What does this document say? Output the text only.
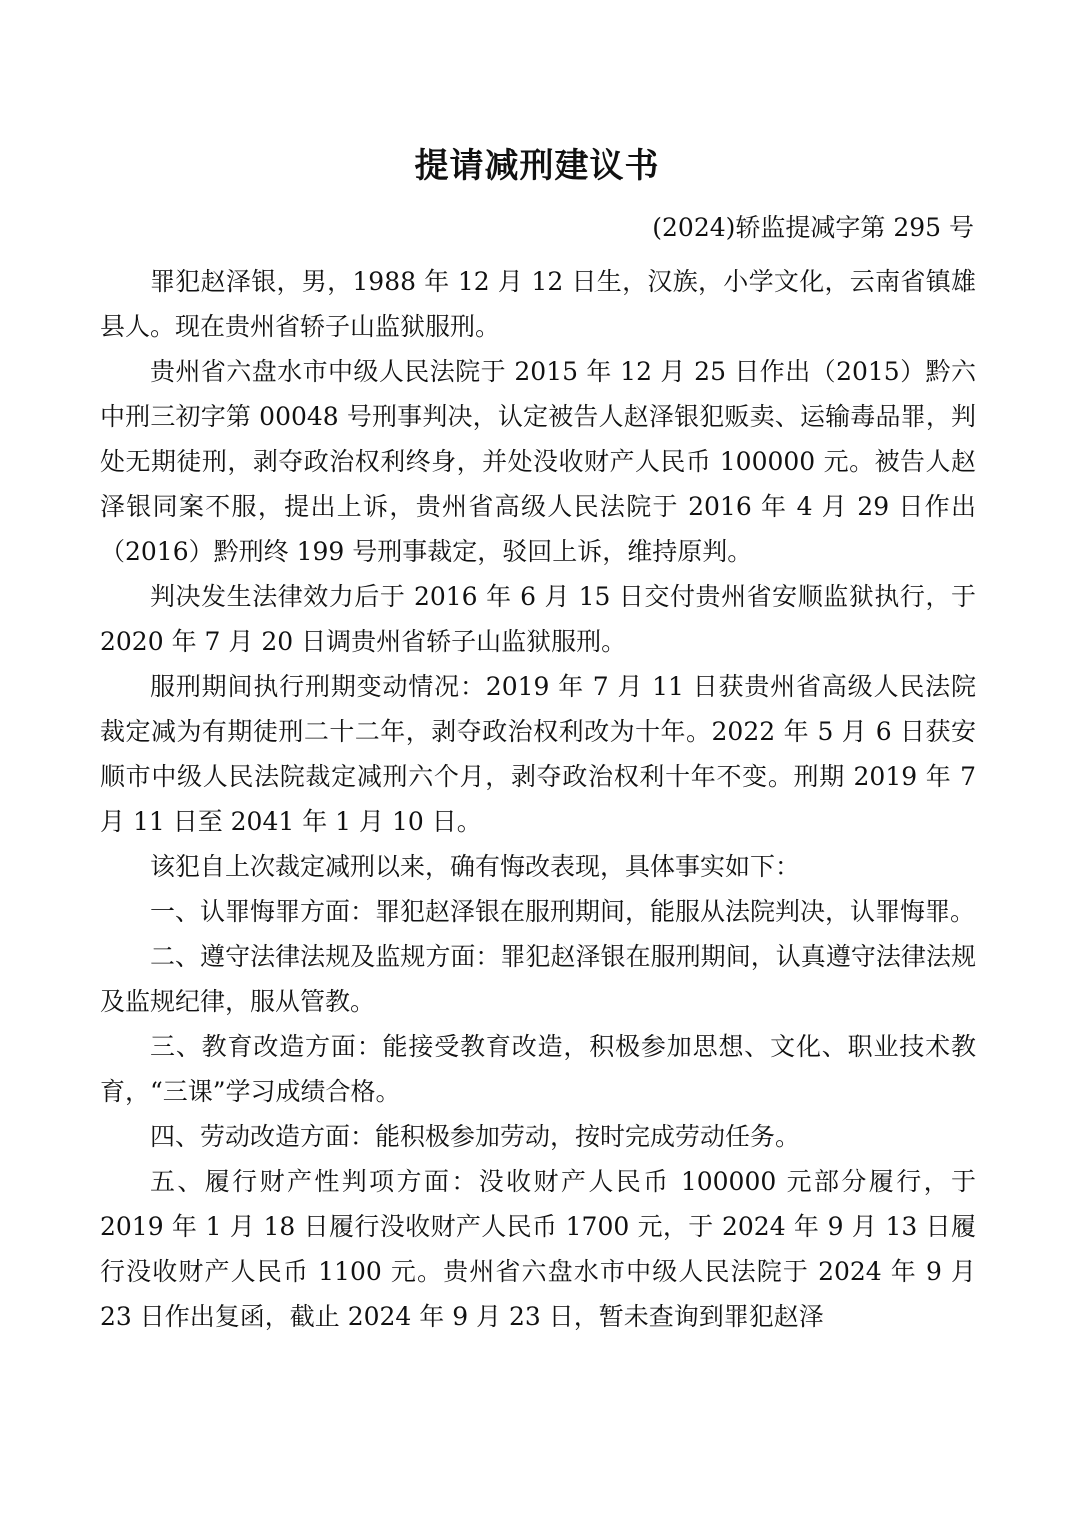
提请减刑建议书

(2024)轿监提减字第 295 号

罪犯赵泽银，男，1988 年 12 月 12 日生，汉族，小学文化，云南省镇雄县人。现在贵州省轿子山监狱服刑。

贵州省六盘水市中级人民法院于 2015 年 12 月 25 日作出（2015）黔六中刑三初字第 00048 号刑事判决，认定被告人赵泽银犯贩卖、运输毒品罪，判处无期徒刑，剥夺政治权利终身，并处没收财产人民币 100000 元。被告人赵泽银同案不服，提出上诉，贵州省高级人民法院于 2016 年 4 月 29 日作出（2016）黔刑终 199 号刑事裁定，驳回上诉，维持原判。

判决发生法律效力后于 2016 年 6 月 15 日交付贵州省安顺监狱执行，于 2020 年 7 月 20 日调贵州省轿子山监狱服刑。

服刑期间执行刑期变动情况：2019 年 7 月 11 日获贵州省高级人民法院裁定减为有期徒刑二十二年，剥夺政治权利改为十年。2022 年 5 月 6 日获安顺市中级人民法院裁定减刑六个月，剥夺政治权利十年不变。刑期 2019 年 7 月 11 日至 2041 年 1 月 10 日。

该犯自上次裁定减刑以来，确有悔改表现，具体事实如下：

一、认罪悔罪方面：罪犯赵泽银在服刑期间，能服从法院判决，认罪悔罪。

二、遵守法律法规及监规方面：罪犯赵泽银在服刑期间，认真遵守法律法规及监规纪律，服从管教。

三、教育改造方面：能接受教育改造，积极参加思想、文化、职业技术教育，“三课”学习成绩合格。

四、劳动改造方面：能积极参加劳动，按时完成劳动任务。

五、履行财产性判项方面：没收财产人民币 100000 元部分履行，于 2019 年 1 月 18 日履行没收财产人民币 1700 元，于 2024 年 9 月 13 日履行没收财产人民币 1100 元。贵州省六盘水市中级人民法院于 2024 年 9 月 23 日作出复函，截止 2024 年 9 月 23 日，暂未查询到罪犯赵泽
